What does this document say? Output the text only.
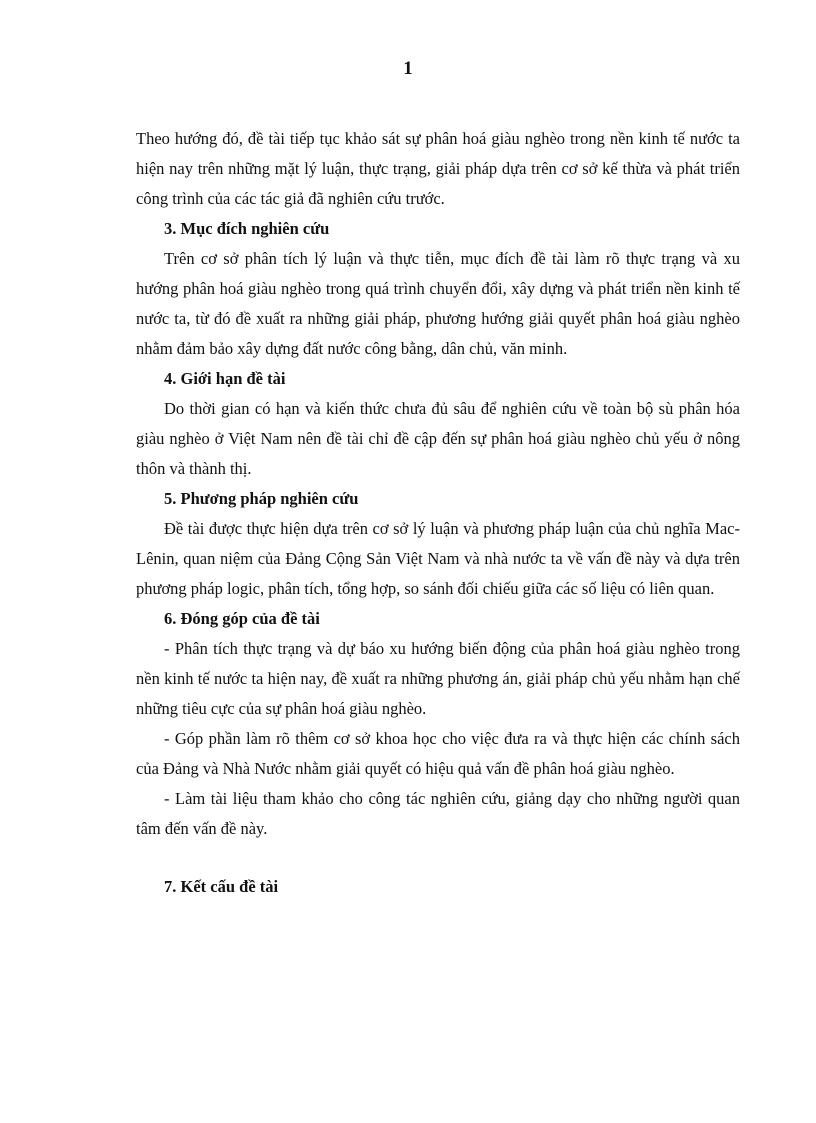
1

Theo hướng đó, đề tài tiếp tục khảo sát sự phân hoá giàu nghèo trong nền kinh tế nước ta hiện nay trên những mặt lý luận, thực trạng, giải pháp dựa trên cơ sở kế thừa và phát triển công trình của các tác giả đã nghiên cứu trước.

3. Mục đích nghiên cứu

Trên cơ sở phân tích lý luận và thực tiễn, mục đích đề tài làm rõ thực trạng và xu hướng phân hoá giàu nghèo trong quá trình chuyển đổi, xây dựng và phát triển nền kinh tế nước ta, từ đó đề xuất ra những giải pháp, phương hướng giải quyết phân hoá giàu nghèo nhằm đảm bảo xây dựng đất nước công bằng, dân chủ, văn minh.

4. Giới hạn đề tài

Do thời gian có hạn và kiến thức chưa đủ sâu để nghiên cứu về toàn bộ sù phân hóa giàu nghèo ở Việt Nam nên đề tài chỉ đề cập đến sự phân hoá giàu nghèo chủ yếu ở nông thôn và thành thị.

5. Phương pháp nghiên cứu

Đề tài được thực hiện dựa trên cơ sở lý luận và phương pháp luận của chủ nghĩa Mac-Lênin, quan niệm của Đảng Cộng Sản Việt Nam và nhà nước ta về vấn đề này và dựa trên phương pháp logic, phân tích, tổng hợp, so sánh đối chiếu giữa các số liệu có liên quan.

6. Đóng góp của đề tài

- Phân tích thực trạng và dự báo xu hướng biến động của phân hoá giàu nghèo trong nền kinh tế nước ta hiện nay, đề xuất ra những phương án, giải pháp chủ yếu nhằm hạn chế những tiêu cực của sự phân hoá giàu nghèo.

- Góp phần làm rõ thêm cơ sở khoa học cho việc đưa ra và thực hiện các chính sách của Đảng và Nhà Nước nhằm giải quyết có hiệu quả vấn đề phân hoá giàu nghèo.

- Làm tài liệu tham khảo cho công tác nghiên cứu, giảng dạy cho những người quan tâm đến vấn đề này.

7. Kết cấu đề tài
